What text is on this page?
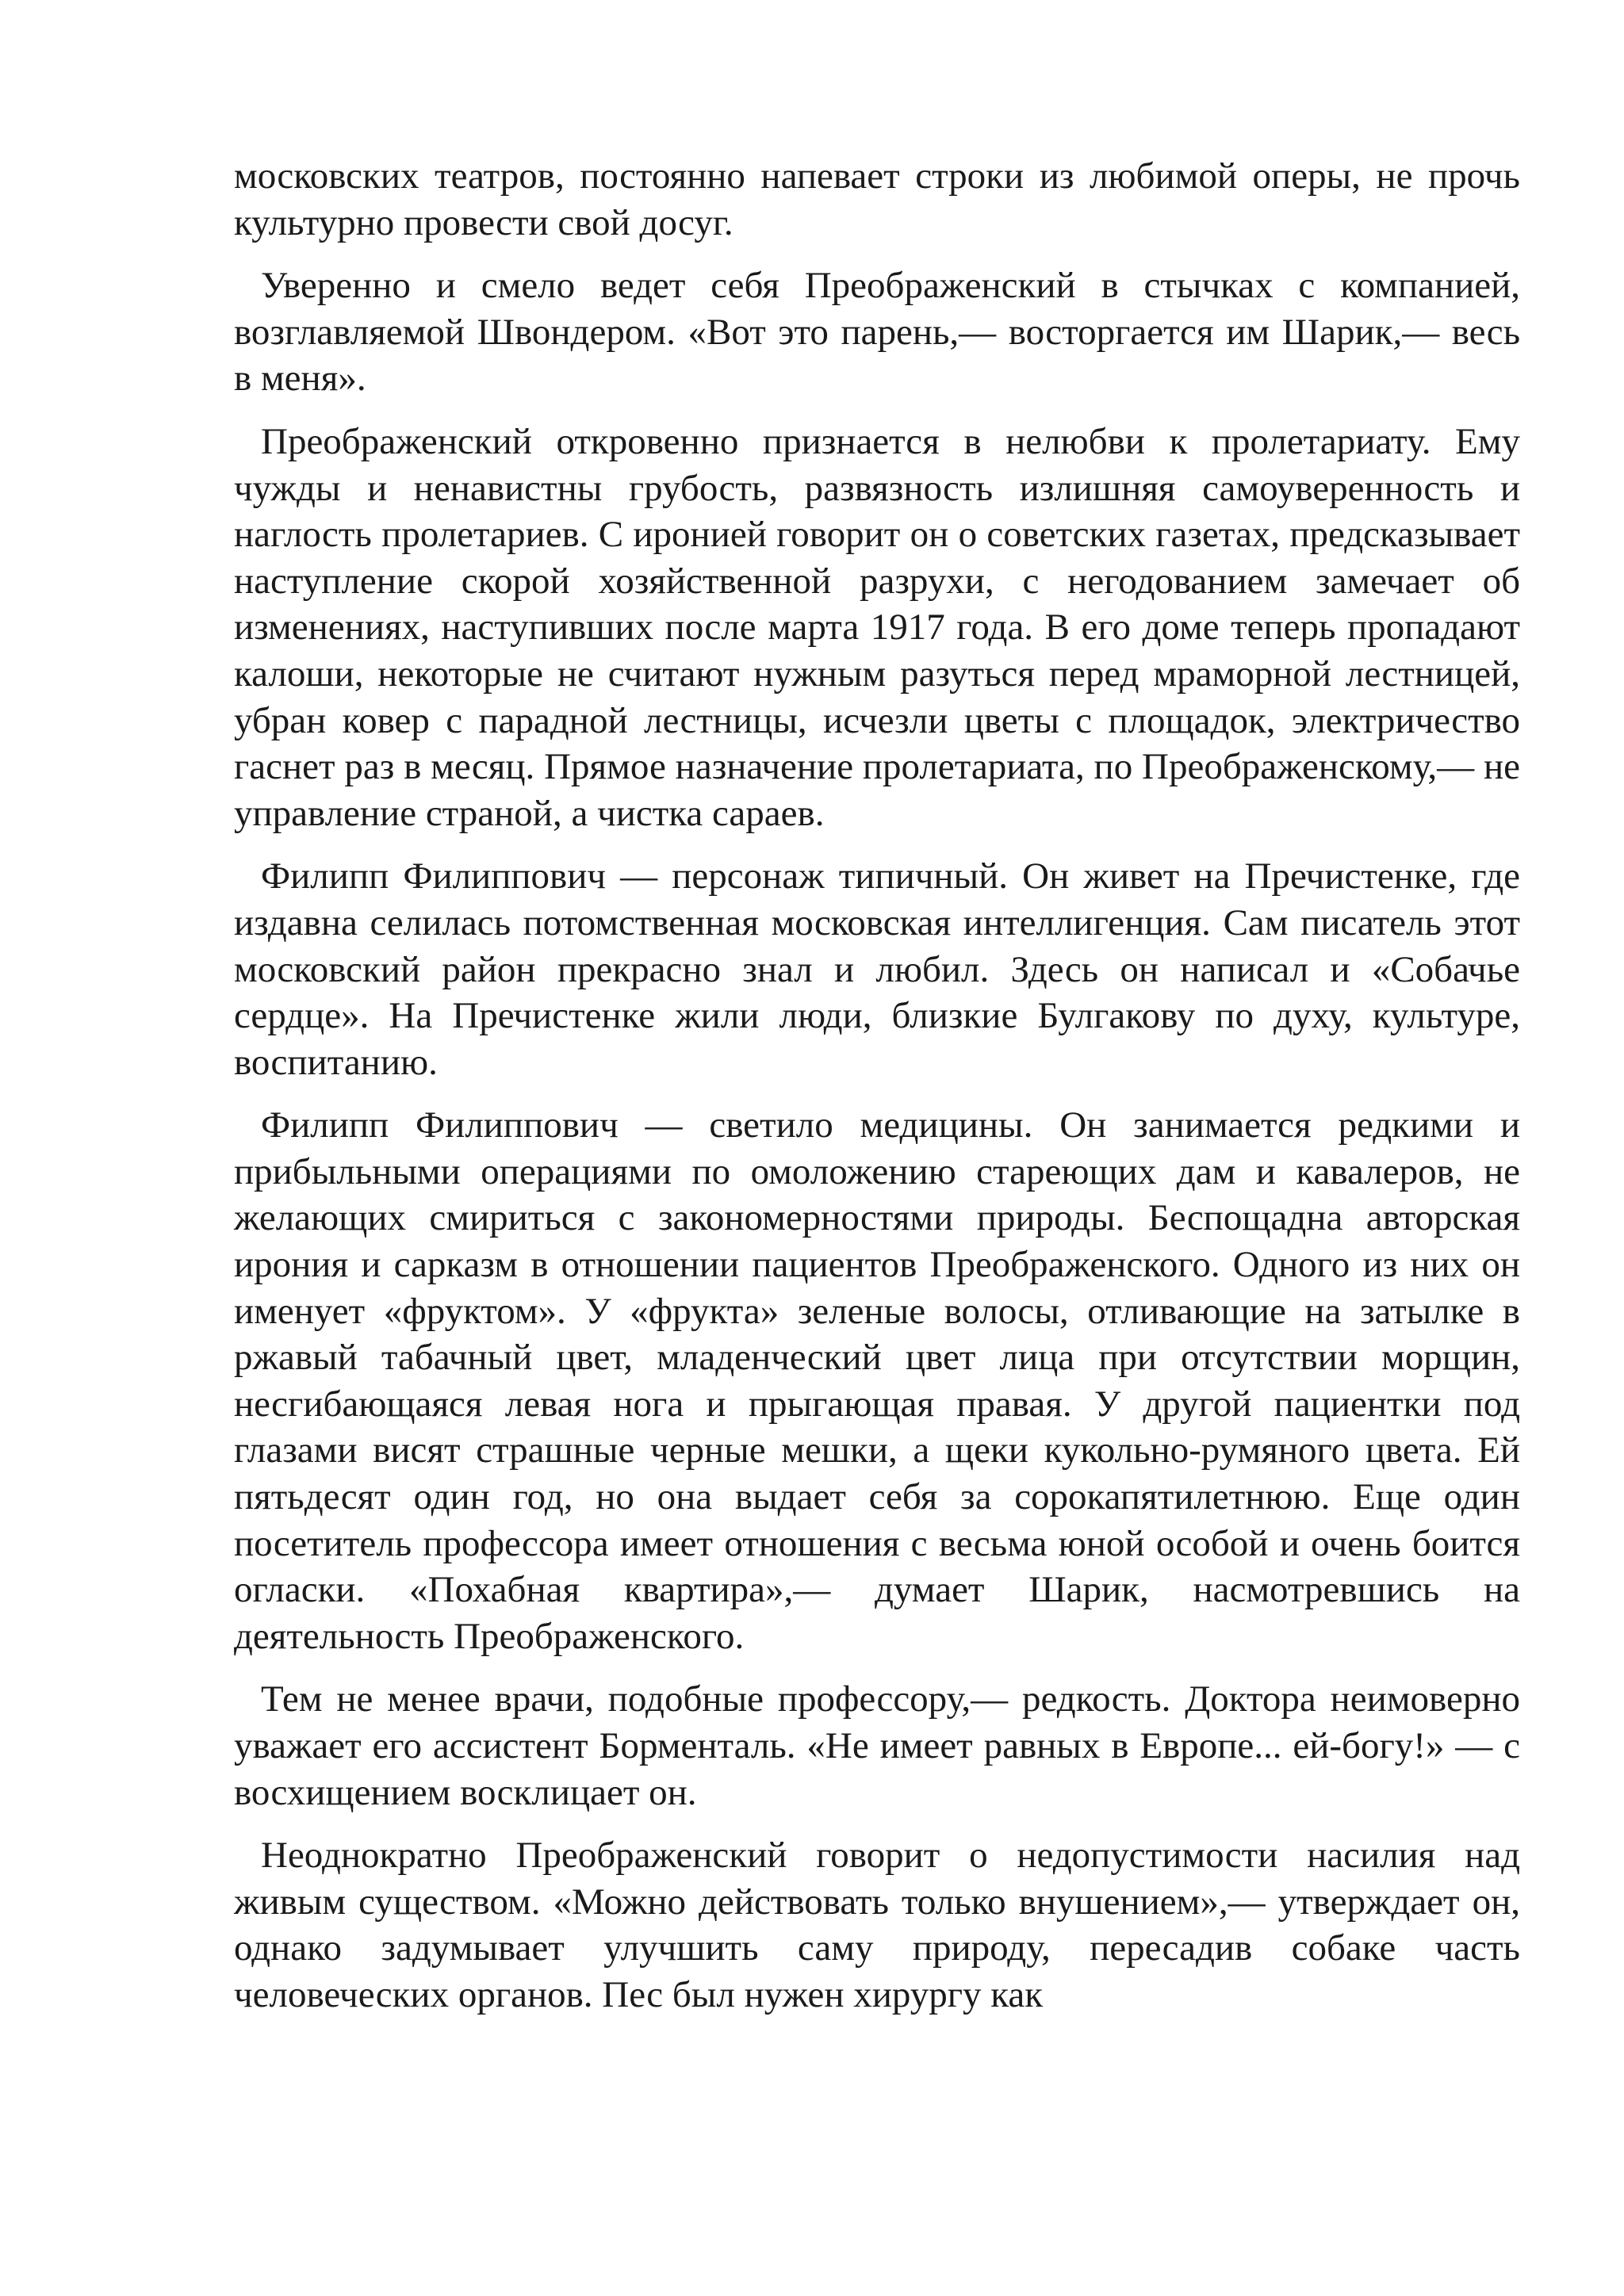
московских театров, постоянно напевает строки из любимой оперы, не прочь культурно провести свой досуг.

Уверенно и смело ведет себя Преображенский в стычках с компанией, возглавляемой Швондером. «Вот это парень,— восторгается им Шарик,— весь в меня».

Преображенский откровенно признается в нелюбви к пролетариату. Ему чужды и ненавистны грубость, развязность излишняя самоуверенность и наглость пролетариев. С иронией говорит он о советских газетах, предсказывает наступление скорой хозяйственной разрухи, с негодованием замечает об изменениях, наступивших после марта 1917 года. В его доме теперь пропадают калоши, некоторые не считают нужным разуться перед мраморной лестницей, убран ковер с парадной лестницы, исчезли цветы с площадок, электричество гаснет раз в месяц. Прямое назначение пролетариата, по Преображенскому,— не управление страной, а чистка сараев.

Филипп Филиппович — персонаж типичный. Он живет на Пречистенке, где издавна селилась потомственная московская интеллигенция. Сам писатель этот московский район прекрасно знал и любил. Здесь он написал и «Собачье сердце». На Пречистенке жили люди, близкие Булгакову по духу, культуре, воспитанию.

Филипп Филиппович — светило медицины. Он занимается редкими и прибыльными операциями по омоложению стареющих дам и кавалеров, не желающих смириться с закономерностями природы. Беспощадна авторская ирония и сарказм в отношении пациентов Преображенского. Одного из них он именует «фруктом». У «фрукта» зеленые волосы, отливающие на затылке в ржавый табачный цвет, младенческий цвет лица при отсутствии морщин, несгибающаяся левая нога и прыгающая правая. У другой пациентки под глазами висят страшные черные мешки, а щеки кукольно-румяного цвета. Ей пятьдесят один год, но она выдает себя за сорокапятилетнюю. Еще один посетитель профессора имеет отношения с весьма юной особой и очень боится огласки. «Похабная квартира»,— думает Шарик, насмотревшись на деятельность Преображенского.

Тем не менее врачи, подобные профессору,— редкость. Доктора неимоверно уважает его ассистент Борменталь. «Не имеет равных в Европе... ей-богу!» — с восхищением восклицает он.

Неоднократно Преображенский говорит о недопустимости насилия над живым существом. «Можно действовать только внушением»,— утверждает он, однако задумывает улучшить саму природу, пересадив собаке часть человеческих органов. Пес был нужен хирургу как
